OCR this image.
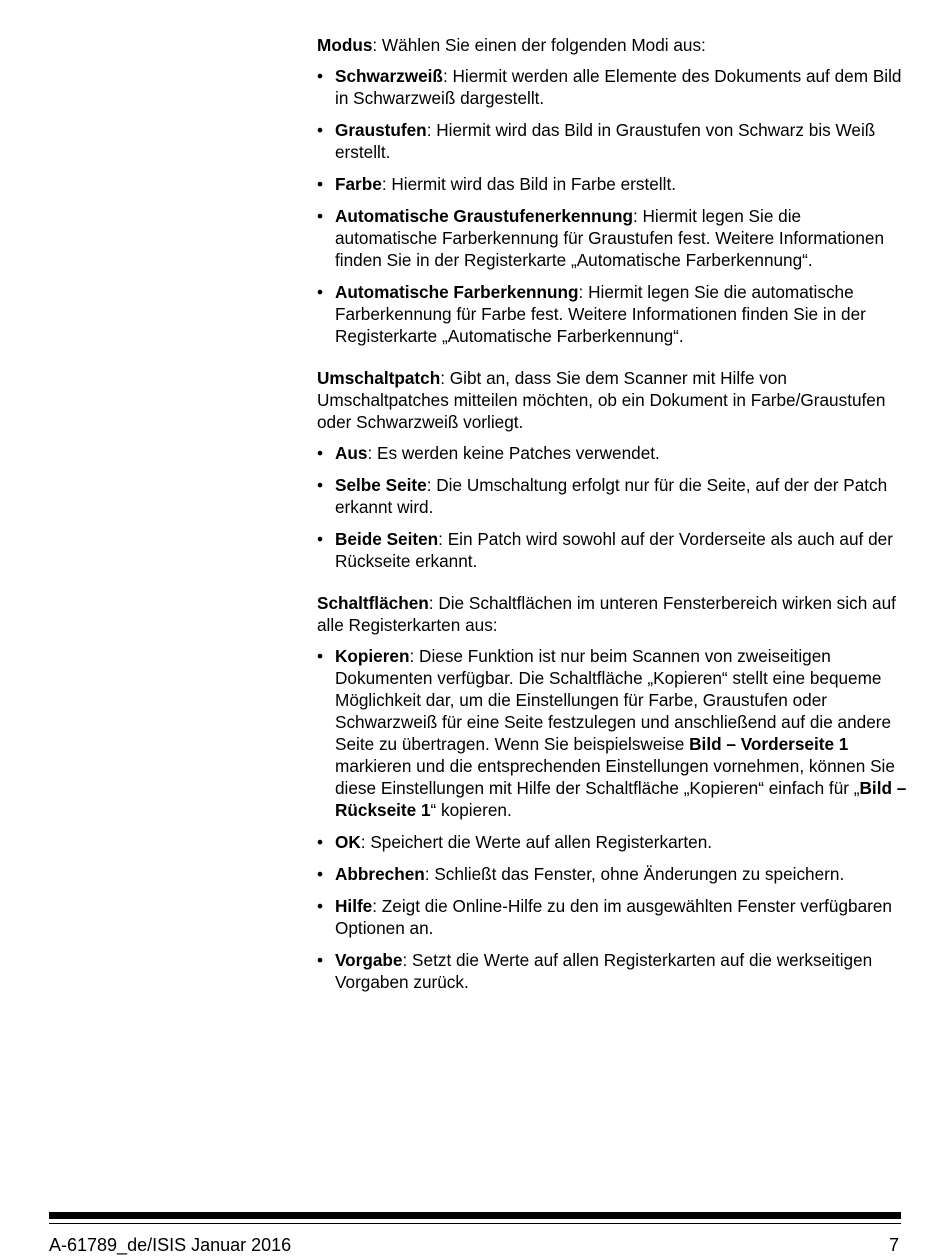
Modus: Wählen Sie einen der folgenden Modi aus:

• Schwarzweiß: Hiermit werden alle Elemente des Dokuments auf dem Bild in Schwarzweiß dargestellt.
• Graustufen: Hiermit wird das Bild in Graustufen von Schwarz bis Weiß erstellt.
• Farbe: Hiermit wird das Bild in Farbe erstellt.
• Automatische Graustufenerkennung: Hiermit legen Sie die automatische Farberkennung für Graustufen fest. Weitere Informationen finden Sie in der Registerkarte „Automatische Farberkennung“.
• Automatische Farberkennung: Hiermit legen Sie die automatische Farberkennung für Farbe fest. Weitere Informationen finden Sie in der Registerkarte „Automatische Farberkennung“.

Umschaltpatch: Gibt an, dass Sie dem Scanner mit Hilfe von Umschaltpatches mitteilen möchten, ob ein Dokument in Farbe/Graustufen oder Schwarzweiß vorliegt.

• Aus: Es werden keine Patches verwendet.
• Selbe Seite: Die Umschaltung erfolgt nur für die Seite, auf der der Patch erkannt wird.
• Beide Seiten: Ein Patch wird sowohl auf der Vorderseite als auch auf der Rückseite erkannt.

Schaltflächen: Die Schaltflächen im unteren Fensterbereich wirken sich auf alle Registerkarten aus:

• Kopieren: Diese Funktion ist nur beim Scannen von zweiseitigen Dokumenten verfügbar. Die Schaltfläche „Kopieren“ stellt eine bequeme Möglichkeit dar, um die Einstellungen für Farbe, Graustufen oder Schwarzweiß für eine Seite festzulegen und anschließend auf die andere Seite zu übertragen. Wenn Sie beispielsweise Bild – Vorderseite 1 markieren und die entsprechenden Einstellungen vornehmen, können Sie diese Einstellungen mit Hilfe der Schaltfläche „Kopieren“ einfach für „Bild – Rückseite 1“ kopieren.
• OK: Speichert die Werte auf allen Registerkarten.
• Abbrechen: Schließt das Fenster, ohne Änderungen zu speichern.
• Hilfe: Zeigt die Online-Hilfe zu den im ausgewählten Fenster verfügbaren Optionen an.
• Vorgabe: Setzt die Werte auf allen Registerkarten auf die werkseitigen Vorgaben zurück.
A-61789_de/ISIS Januar 2016	7
